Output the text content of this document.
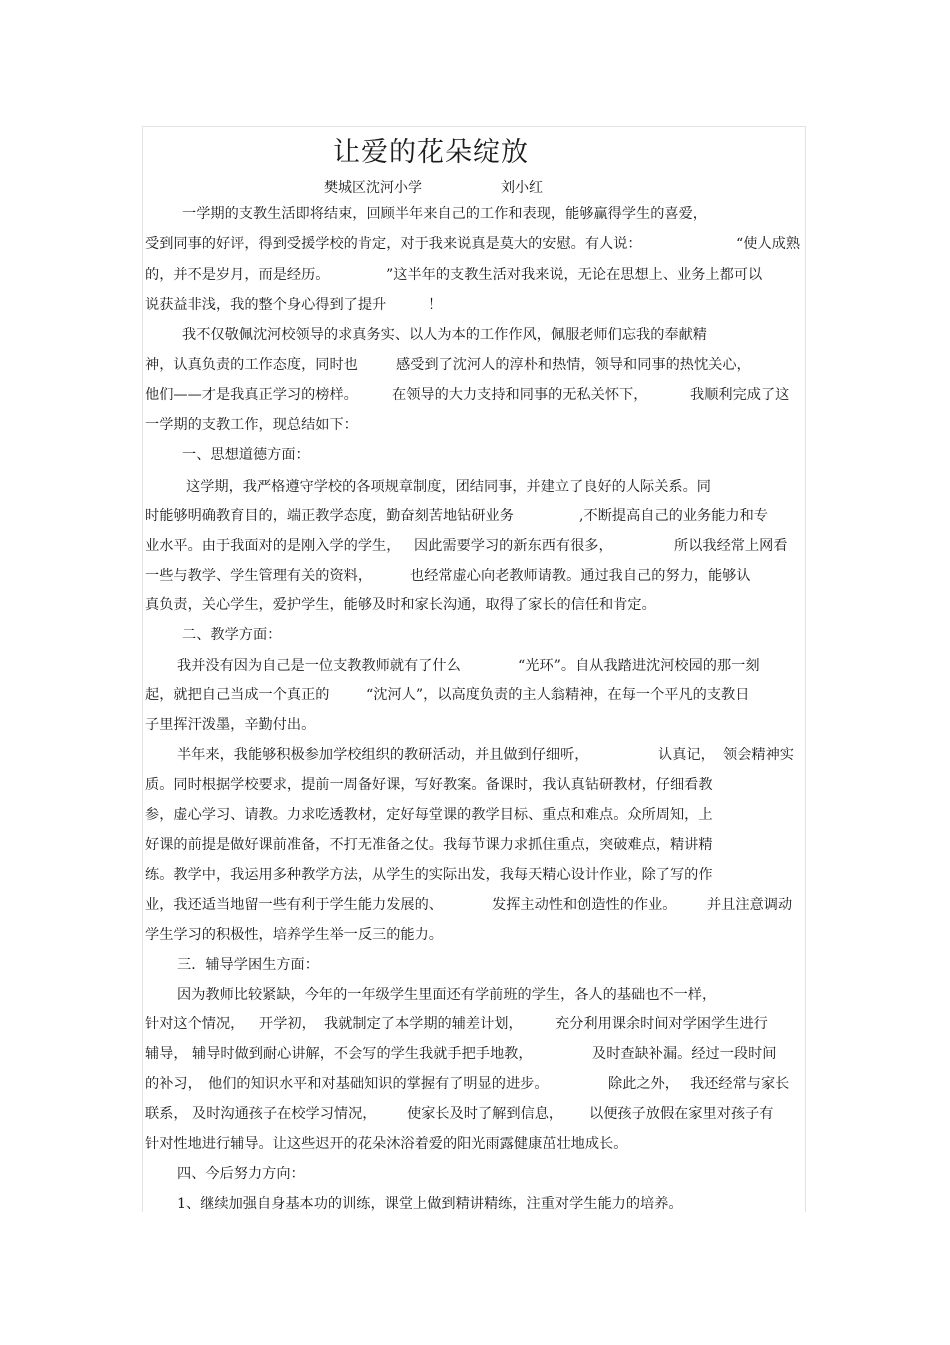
让爱的花朵绽放
樊城区沈河小学	刘小红
一学期的支教生活即将结束，回顾半年来自己的工作和表现，能够赢得学生的喜爱，
受到同事的好评，得到受援学校的肯定，对于我来说真是莫大的安慰。有人说：	“使人成熟
的，并不是岁月，而是经历。	”这半年的支教生活对我来说，无论在思想上、业务上都可以
说获益非浅，我的整个身心得到了提升	！
我不仅敬佩沈河校领导的求真务实、以人为本的工作作风，佩服老师们忘我的奉献精
神，认真负责的工作态度，同时也	感受到了沈河人的淳朴和热情，领导和同事的热忱关心，
他们——才是我真正学习的榜样。 在领导的大力支持和同事的无私关怀下，	我顺利完成了这
一学期的支教工作，现总结如下：
一、思想道德方面：
这学期，我严格遵守学校的各项规章制度，团结同事，并建立了良好的人际关系。同
时能够明确教育目的，端正教学态度，勤奋刻苦地钻研业务	,不断提高自己的业务能力和专
业水平。由于我面对的是刚入学的学生， 因此需要学习的新东西有很多，	所以我经常上网看
一些与教学、学生管理有关的资料，	也经常虚心向老教师请教。通过我自己的努力，能够认
真负责，关心学生，爱护学生，能够及时和家长沟通，取得了家长的信任和肯定。
二、教学方面：
我并没有因为自己是一位支教教师就有了什么	“光环”。自从我踏进沈河校园的那一刻
起，就把自己当成一个真正的	“沈河人”，以高度负责的主人翁精神，在每一个平凡的支教日
子里挥汗泼墨，辛勤付出。
半年来，我能够积极参加学校组织的教研活动，并且做到仔细听，	认真记， 领会精神实
质。同时根据学校要求，提前一周备好课，写好教案。备课时，我认真钻研教材，仔细看教
参，虚心学习、请教。力求吃透教材，定好每堂课的教学目标、重点和难点。众所周知，上
好课的前提是做好课前准备，不打无准备之仗。我每节课力求抓住重点，突破难点，精讲精
练。教学中，我运用多种教学方法，从学生的实际出发，我每天精心设计作业，除了写的作
业，我还适当地留一些有利于学生能力发展的、	发挥主动性和创造性的作业。 并且注意调动
学生学习的积极性，培养学生举一反三的能力。
三．辅导学困生方面：
因为教师比较紧缺，今年的一年级学生里面还有学前班的学生，各人的基础也不一样，
针对这个情况， 开学初， 我就制定了本学期的辅差计划， 充分利用课余时间对学困学生进行
辅导， 辅导时做到耐心讲解，不会写的学生我就手把手地教，	及时查缺补漏。经过一段时间
的补习， 他们的知识水平和对基础知识的掌握有了明显的进步。	除此之外， 我还经常与家长
联系， 及时沟通孩子在校学习情况， 使家长及时了解到信息， 以便孩子放假在家里对孩子有
针对性地进行辅导。让这些迟开的花朵沐浴着爱的阳光雨露健康茁壮地成长。
四、今后努力方向：
1、继续加强自身基本功的训练，课堂上做到精讲精练，注重对学生能力的培养。
